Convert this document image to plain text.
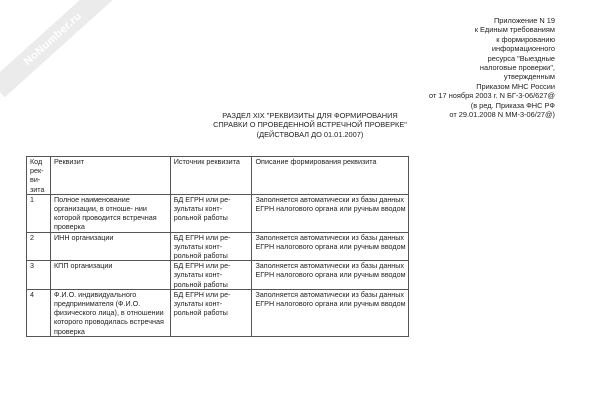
NoNumber.ru	Приложение N 19
к Единым требованиям
к формированию
информационного
ресурса "Выездные
налоговые проверки",
утвержденным
Приказом МНС России
от 17 ноября 2003 г. N БГ-3-06/627@
(в ред. Приказа ФНС РФ
от 29.01.2008 N ММ-3-06/27@)
РАЗДЕЛ XIX "РЕКВИЗИТЫ ДЛЯ ФОРМИРОВАНИЯ
СПРАВКИ О ПРОВЕДЕННОЙ ВСТРЕЧНОЙ ПРОВЕРКЕ"
(ДЕЙСТВОВАЛ ДО 01.01.2007)
Код рек- ви- зита	Реквизит	Источник реквизита	Описание формирования реквизита
1	Полное наименование организации, в отноше- нии которой проводится встречная проверка	БД ЕГРН или ре- зультаты конт- рольной работы	Заполняется автоматически из базы данных ЕГРН налогового органа или ручным вводом
2	ИНН организации	БД ЕГРН или ре- зультаты конт- рольной работы	Заполняется автоматически из базы данных ЕГРН налогового органа или ручным вводом
3	КПП организации	БД ЕГРН или ре- зультаты конт- рольной работы	Заполняется автоматически из базы данных ЕГРН налогового органа или ручным вводом
4	Ф.И.О. индивидуального предпринимателя (Ф.И.О. физического лица), в отношении которого проводилась встречная проверка	БД ЕГРН или ре- зультаты конт- рольной работы	Заполняется автоматически из базы данных ЕГРН налогового органа или ручным вводом
